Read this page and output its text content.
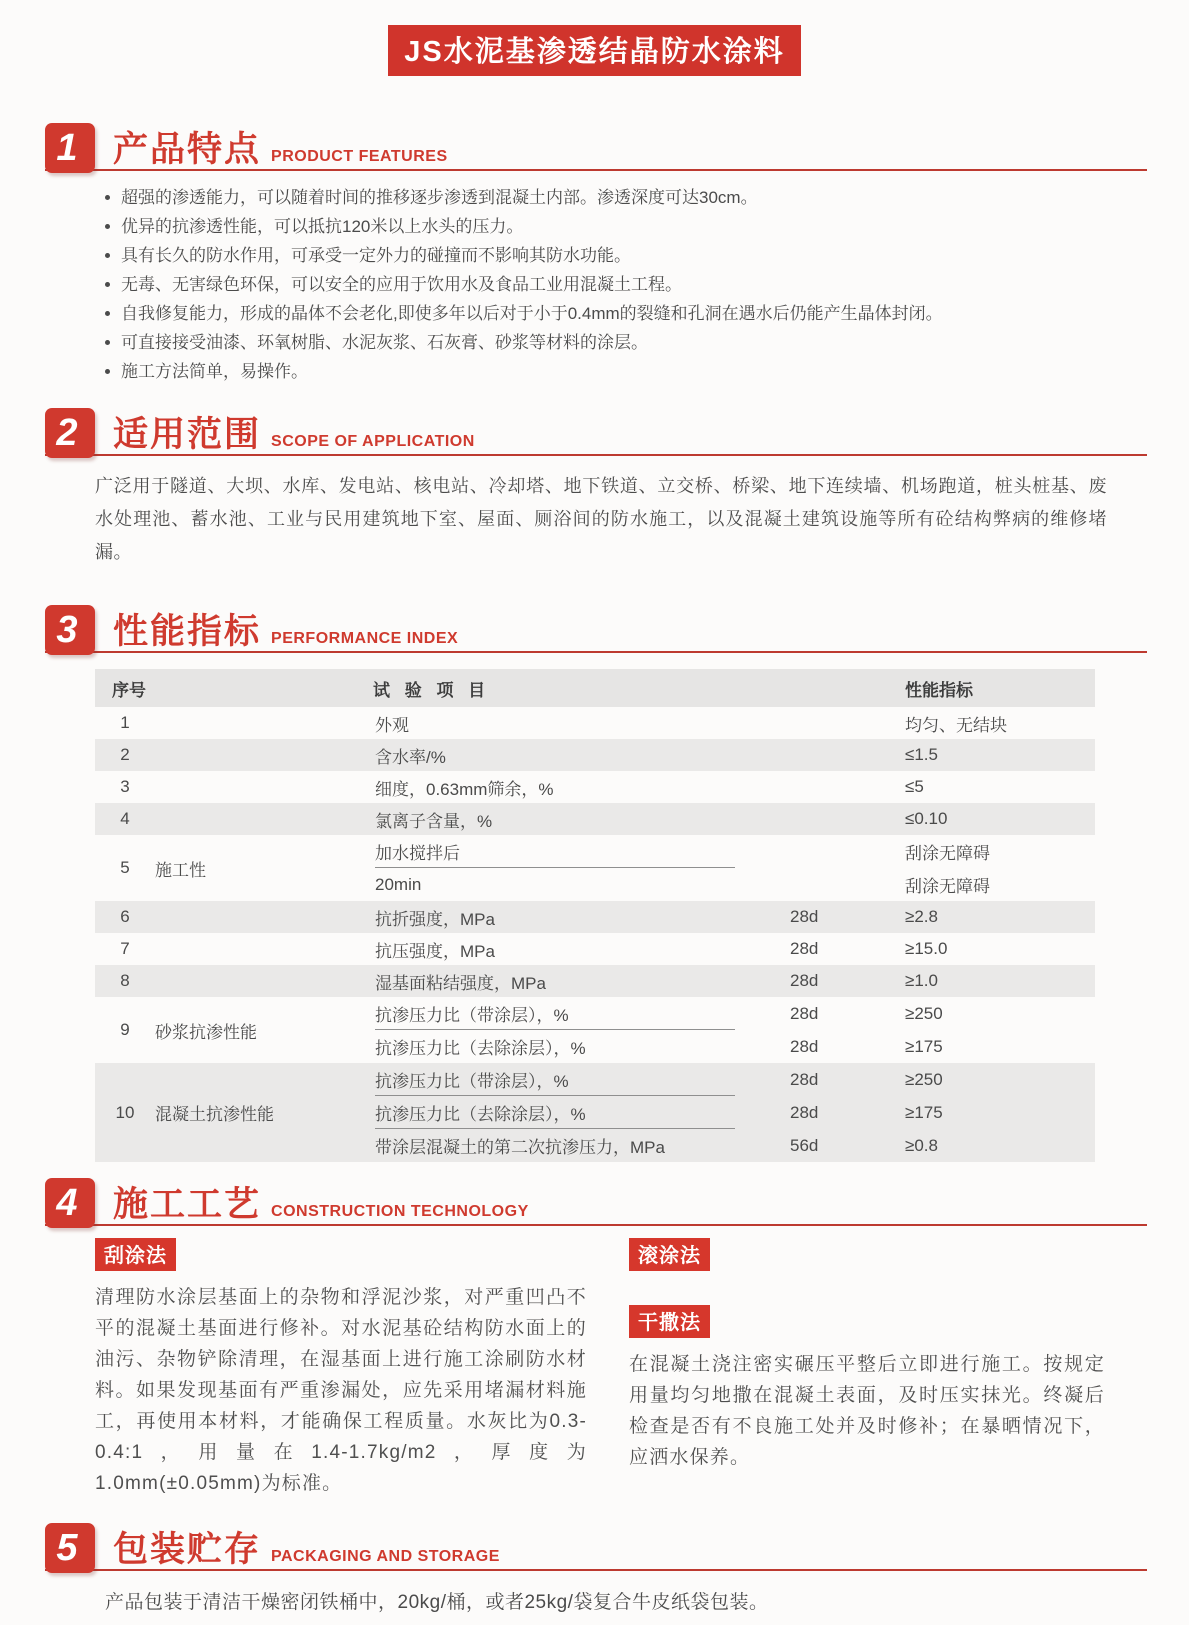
JS水泥基渗透结晶防水涂料
1	产品特点 PRODUCT FEATURES
超强的渗透能力，可以随着时间的推移逐步渗透到混凝土内部。渗透深度可达30cm。
优异的抗渗透性能，可以抵抗120米以上水头的压力。
具有长久的防水作用，可承受一定外力的碰撞而不影响其防水功能。
无毒、无害绿色环保，可以安全的应用于饮用水及食品工业用混凝土工程。
自我修复能力，形成的晶体不会老化,即使多年以后对于小于0.4mm的裂缝和孔洞在遇水后仍能产生晶体封闭。
可直接接受油漆、环氧树脂、水泥灰浆、石灰膏、砂浆等材料的涂层。
施工方法简单，易操作。
2	适用范围 SCOPE OF APPLICATION
广泛用于隧道、大坝、水库、发电站、核电站、冷却塔、地下铁道、立交桥、桥梁、地下连续墙、机场跑道，桩头桩基、废水处理池、蓄水池、工业与民用建筑地下室、屋面、厕浴间的防水施工，以及混凝土建筑设施等所有砼结构弊病的维修堵漏。
3	性能指标 PERFORMANCE INDEX
序号	试 验 项 目	性能指标
1	外观	均匀、无结块
2	含水率/%	≤1.5
3	细度，0.63mm筛余，%	≤5
4	氯离子含量，%	≤0.10
5	施工性
加水搅拌后	刮涂无障碍
20min	刮涂无障碍
6	抗折强度，MPa	28d	≥2.8
7	抗压强度，MPa	28d	≥15.0
8	湿基面粘结强度，MPa	28d	≥1.0
9	砂浆抗渗性能
抗渗压力比（带涂层），%	28d	≥250
抗渗压力比（去除涂层），%	28d	≥175
10	混凝土抗渗性能
抗渗压力比（带涂层），%	28d	≥250
抗渗压力比（去除涂层），%	28d	≥175
带涂层混凝土的第二次抗渗压力，MPa	56d	≥0.8
4	施工工艺 CONSTRUCTION TECHNOLOGY
刮涂法
清理防水涂层基面上的杂物和浮泥沙浆，对严重凹凸不平的混凝土基面进行修补。对水泥基砼结构防水面上的油污、杂物铲除清理，在湿基面上进行施工涂刷防水材料。如果发现基面有严重渗漏处，应先采用堵漏材料施工，再使用本材料，才能确保工程质量。水灰比为0.3-0.4:1，用量在1.4-1.7kg/m2，厚度为1.0mm(±0.05mm)为标准。
滚涂法
干撒法
在混凝土浇注密实碾压平整后立即进行施工。按规定用量均匀地撒在混凝土表面，及时压实抹光。终凝后检查是否有不良施工处并及时修补；在暴晒情况下，应洒水保养。
5	包装贮存 PACKAGING AND STORAGE
产品包装于清洁干燥密闭铁桶中，20kg/桶，或者25kg/袋复合牛皮纸袋包装。
